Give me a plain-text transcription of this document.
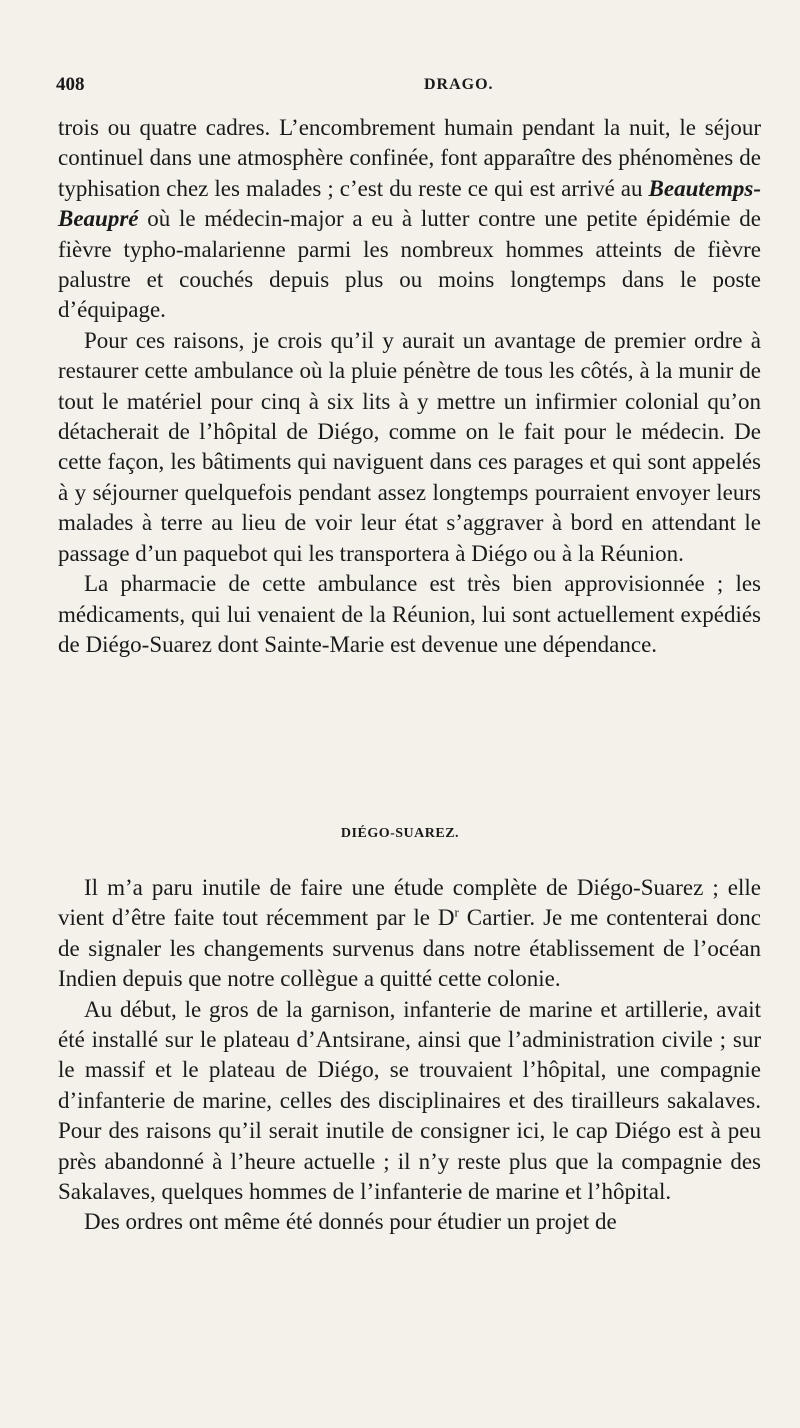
408	DRAGO.

trois ou quatre cadres. L’encombrement humain pendant la nuit, le séjour continuel dans une atmosphère confinée, font apparaître des phénomènes de typhisation chez les malades ; c’est du reste ce qui est arrivé au Beautemps-Beaupré où le médecin-major a eu à lutter contre une petite épidémie de fièvre typho-malarienne parmi les nombreux hommes atteints de fièvre palustre et couchés depuis plus ou moins longtemps dans le poste d’équipage.

Pour ces raisons, je crois qu’il y aurait un avantage de premier ordre à restaurer cette ambulance où la pluie pénètre de tous les côtés, à la munir de tout le matériel pour cinq à six lits à y mettre un infirmier colonial qu’on détacherait de l’hôpital de Diégo, comme on le fait pour le médecin. De cette façon, les bâtiments qui naviguent dans ces parages et qui sont appelés à y séjourner quelquefois pendant assez longtemps pourraient envoyer leurs malades à terre au lieu de voir leur état s’aggraver à bord en attendant le passage d’un paquebot qui les transportera à Diégo ou à la Réunion.

La pharmacie de cette ambulance est très bien approvisionnée ; les médicaments, qui lui venaient de la Réunion, lui sont actuellement expédiés de Diégo-Suarez dont Sainte-Marie est devenue une dépendance.

DIÉGO-SUAREZ.

Il m’a paru inutile de faire une étude complète de Diégo-Suarez ; elle vient d’être faite tout récemment par le $D^r$ Cartier. Je me contenterai donc de signaler les changements survenus dans notre établissement de l’océan Indien depuis que notre collègue a quitté cette colonie.

Au début, le gros de la garnison, infanterie de marine et artillerie, avait été installé sur le plateau d’Antsirane, ainsi que l’administration civile ; sur le massif et le plateau de Diégo, se trouvaient l’hôpital, une compagnie d’infanterie de marine, celles des disciplinaires et des tirailleurs sakalaves. Pour des raisons qu’il serait inutile de consigner ici, le cap Diégo est à peu près abandonné à l’heure actuelle ; il n’y reste plus que la compagnie des Sakalaves, quelques hommes de l’infanterie de marine et l’hôpital.

Des ordres ont même été donnés pour étudier un projet de
